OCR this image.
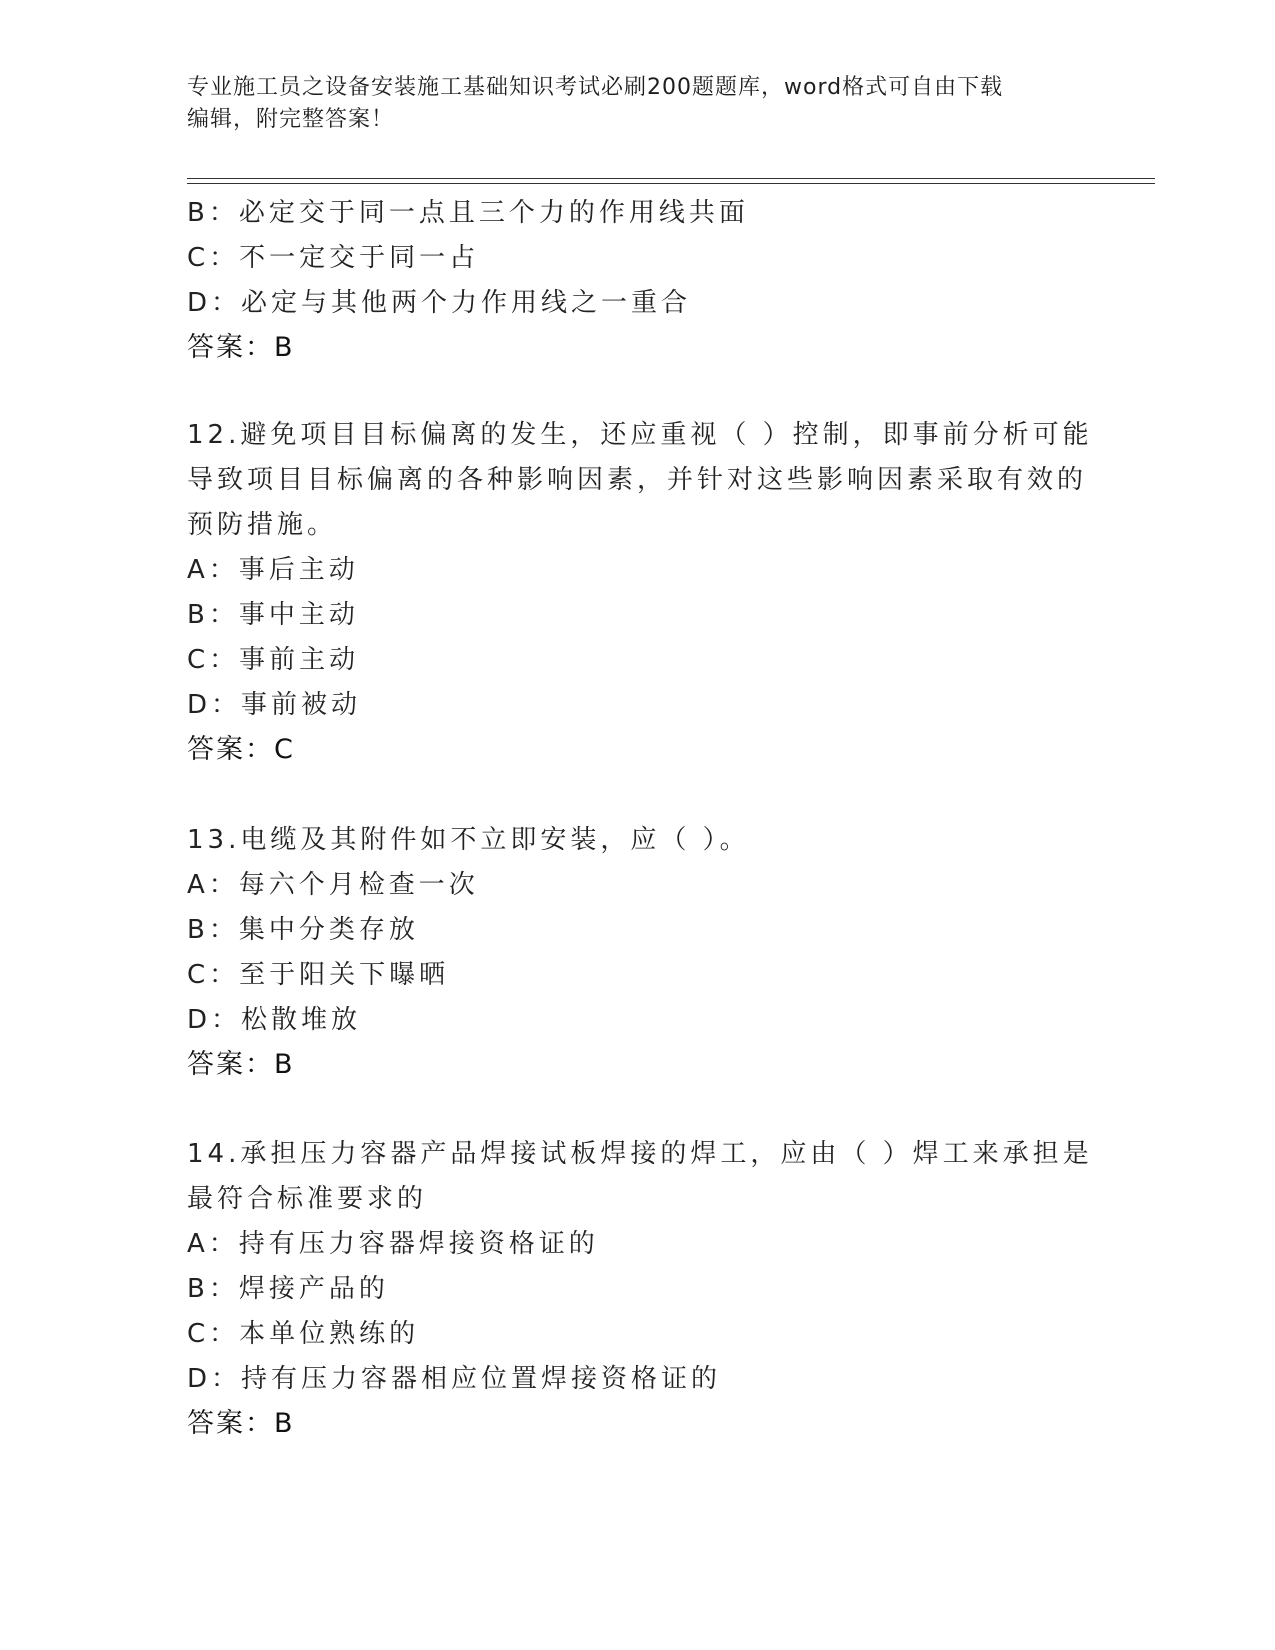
专业施工员之设备安装施工基础知识考试必刷200题题库，word格式可自由下载
编辑，附完整答案！
B：必定交于同一点且三个力的作用线共面
C：不一定交于同一占
D：必定与其他两个力作用线之一重合
答案：B
12.避免项目目标偏离的发生，还应重视（ ）控制，即事前分析可能
导致项目目标偏离的各种影响因素，并针对这些影响因素采取有效的
预防措施。
A：事后主动
B：事中主动
C：事前主动
D：事前被动
答案：C
13.电缆及其附件如不立即安装，应（ ）。
A：每六个月检查一次
B：集中分类存放
C：至于阳关下曝晒
D：松散堆放
答案：B
14.承担压力容器产品焊接试板焊接的焊工，应由（ ）焊工来承担是
最符合标准要求的
A：持有压力容器焊接资格证的
B：焊接产品的
C：本单位熟练的
D：持有压力容器相应位置焊接资格证的
答案：B
